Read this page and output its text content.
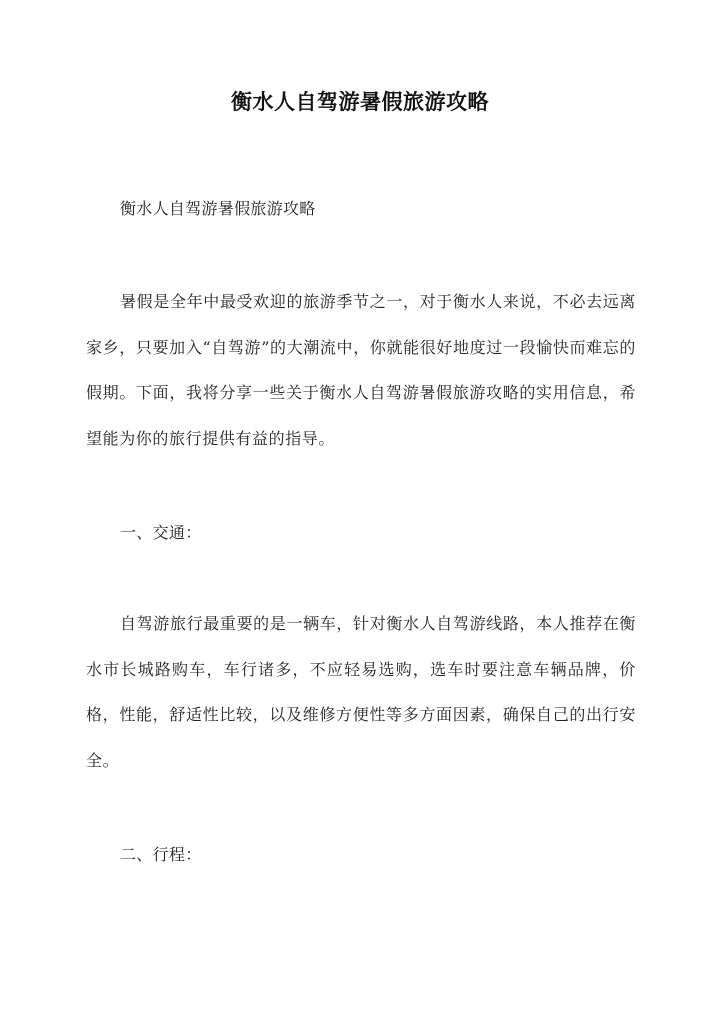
衡水人自驾游暑假旅游攻略
衡水人自驾游暑假旅游攻略

暑假是全年中最受欢迎的旅游季节之一，对于衡水人来说，不必去远离家乡，只要加入“自驾游”的大潮流中，你就能很好地度过一段愉快而难忘的假期。下面，我将分享一些关于衡水人自驾游暑假旅游攻略的实用信息，希望能为你的旅行提供有益的指导。

一、交通：

自驾游旅行最重要的是一辆车，针对衡水人自驾游线路，本人推荐在衡水市长城路购车，车行诸多，不应轻易选购，选车时要注意车辆品牌，价格，性能，舒适性比较，以及维修方便性等多方面因素，确保自己的出行安全。

二、行程：
